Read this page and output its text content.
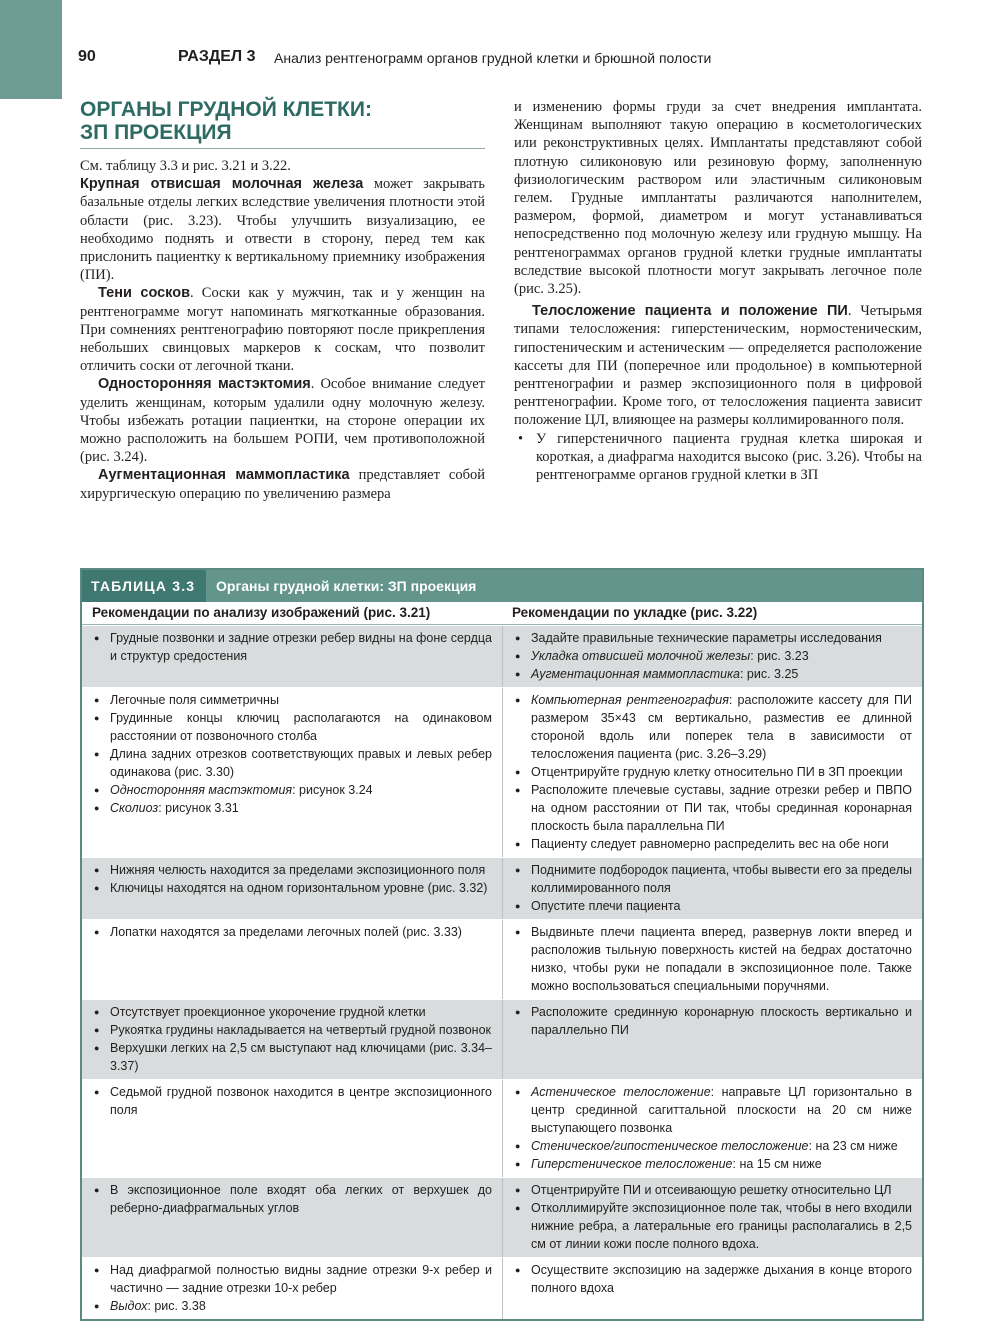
90	РАЗДЕЛ 3 Анализ рентгенограмм органов грудной клетки и брюшной полости
ОРГАНЫ ГРУДНОЙ КЛЕТКИ:
ЗП ПРОЕКЦИЯ

См. таблицу 3.3 и рис. 3.21 и 3.22.

Крупная отвисшая молочная железа может закрывать базальные отделы легких вследствие увеличения плотности этой области (рис. 3.23). Чтобы улучшить визуализацию, ее необходимо поднять и отвести в сторону, перед тем как прислонить пациентку к вертикальному приемнику изображения (ПИ).

Тени сосков. Соски как у мужчин, так и у женщин на рентгенограмме могут напоминать мягкотканные образования. При сомнениях рентгенографию повторяют после прикрепления небольших свинцовых маркеров к соскам, что позволит отличить соски от легочной ткани.

Односторонняя мастэктомия. Особое внимание следует уделить женщинам, которым удалили одну молочную железу. Чтобы избежать ротации пациентки, на стороне операции их можно расположить на большем РОПИ, чем противоположной (рис. 3.24).

Аугментационная маммопластика представляет собой хирургическую операцию по увеличению размера

и изменению формы груди за счет внедрения имплантата. Женщинам выполняют такую операцию в косметологических или реконструктивных целях. Имплантаты представляют собой плотную силиконовую или резиновую форму, заполненную физиологическим раствором или эластичным силиконовым гелем. Грудные имплантаты различаются наполнителем, размером, формой, диаметром и могут устанавливаться непосредственно под молочную железу или грудную мышцу. На рентгенограммах органов грудной клетки грудные имплантаты вследствие высокой плотности могут закрывать легочное поле (рис. 3.25).

Телосложение пациента и положение ПИ. Четырьмя типами телосложения: гиперстеническим, нормостеническим, гипостеническим и астеническим — определяется расположение кассеты для ПИ (поперечное или продольное) в компьютерной рентгенографии и размер экспозиционного поля в цифровой рентгенографии. Кроме того, от телосложения пациента зависит положение ЦЛ, влияющее на размеры коллимированного поля.

• У гиперстеничного пациента грудная клетка широкая и короткая, а диафрагма находится высоко (рис. 3.26). Чтобы на рентгенограмме органов грудной клетки в ЗП
ТАБЛИЦА 3.3	Органы грудной клетки: ЗП проекция
Рекомендации по анализу изображений (рис. 3.21)	Рекомендации по укладке (рис. 3.22)
● Грудные позвонки и задние отрезки ребер видны на фоне сердца и структур средостения
● Задайте правильные технические параметры исследования
● Укладка отвисшей молочной железы: рис. 3.23
● Аугментационная маммопластика: рис. 3.25
● Легочные поля симметричны
● Грудинные концы ключиц располагаются на одинаковом расстоянии от позвоночного столба
● Длина задних отрезков соответствующих правых и левых ребер одинакова (рис. 3.30)
● Односторонняя мастэктомия: рисунок 3.24
● Сколиоз: рисунок 3.31
● Компьютерная рентгенография: расположите кассету для ПИ размером 35×43 см вертикально, разместив ее длинной стороной вдоль или поперек тела в зависимости от телосложения пациента (рис. 3.26–3.29)
● Отцентрируйте грудную клетку относительно ПИ в ЗП проекции
● Расположите плечевые суставы, задние отрезки ребер и ПВПО на одном расстоянии от ПИ так, чтобы срединная коронарная плоскость была параллельна ПИ
● Пациенту следует равномерно распределить вес на обе ноги
● Нижняя челюсть находится за пределами экспозиционного поля
● Ключицы находятся на одном горизонтальном уровне (рис. 3.32)
● Поднимите подбородок пациента, чтобы вывести его за пределы коллимированного поля
● Опустите плечи пациента
● Лопатки находятся за пределами легочных полей (рис. 3.33)
●	Выдвиньте плечи пациента вперед, развернув локти вперед и расположив тыльную поверхность кистей на бедрах достаточно низко, чтобы руки не попадали в экспозиционное поле. Также можно воспользоваться специальными поручнями.
● Отсутствует проекционное укорочение грудной клетки
● Рукоятка грудины накладывается на четвертый грудной позвонок
● Верхушки легких на 2,5 см выступают над ключицами (рис. 3.34–3.37)
● Расположите срединную коронарную плоскость вертикально и параллельно ПИ
● Седьмой грудной позвонок находится в центре экспозиционного поля
● Астеническое телосложение: направьте ЦЛ горизонтально в центр срединной сагиттальной плоскости на 20 см ниже выступающего позвонка
● Стеническое/гипостеническое телосложение: на 23 см ниже
● Гиперстеническое телосложение: на 15 см ниже
● В экспозиционное поле входят оба легких от верхушек до реберно-диафрагмальных углов
● Отцентрируйте ПИ и отсеивающую решетку относительно ЦЛ
● Отколлимируйте экспозиционное поле так, чтобы в него входили нижние ребра, а латеральные его границы располагались в 2,5 см от линии кожи после полного вдоха.
● Над диафрагмой полностью видны задние отрезки 9-х ребер и частично — задние отрезки 10-х ребер
● Выдох: рис. 3.38
● Осуществите экспозицию на задержке дыхания в конце второго полного вдоха
